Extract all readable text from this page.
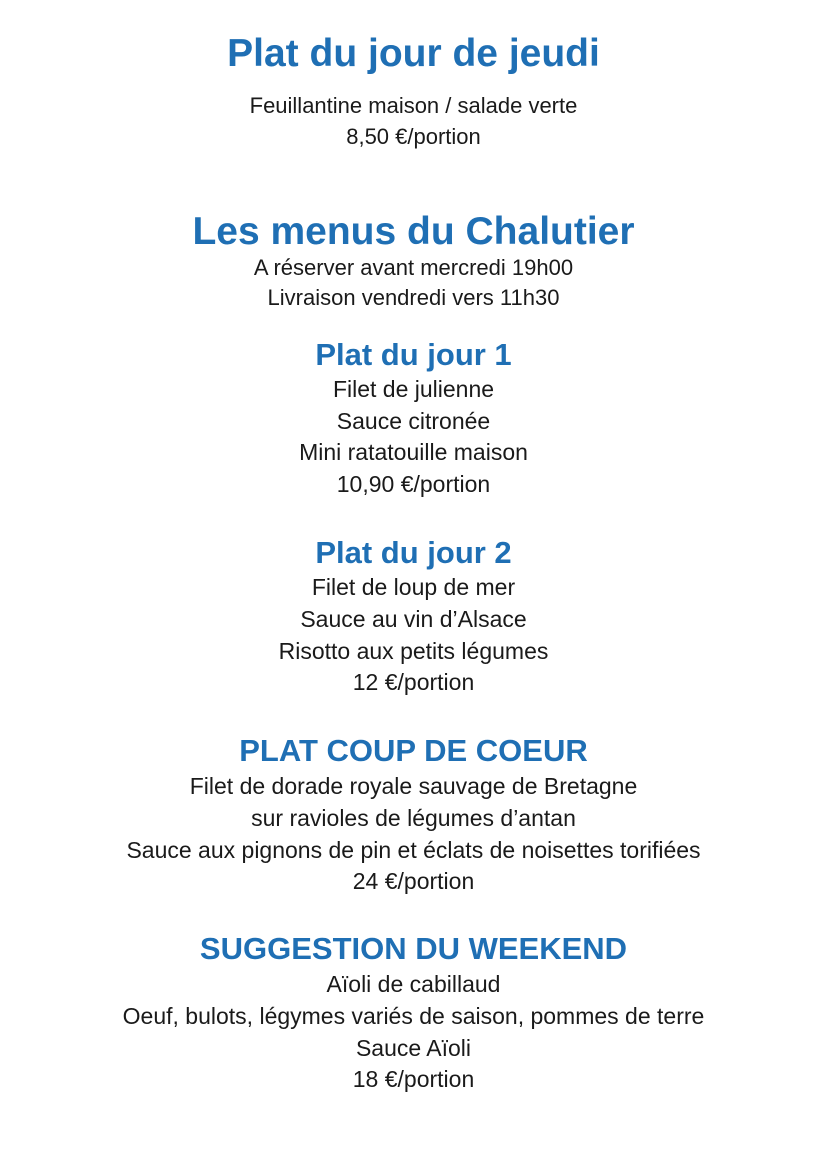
Plat du jour de jeudi

Feuillantine maison / salade verte

8,50 €/portion

Les menus du Chalutier

A réserver avant mercredi 19h00

Livraison vendredi vers 11h30

Plat du jour 1

Filet de julienne

Sauce citronée

Mini ratatouille maison

10,90 €/portion

Plat du jour 2

Filet de loup de mer

Sauce au vin d’Alsace

Risotto aux petits légumes

12 €/portion

PLAT COUP DE COEUR

Filet de dorade royale sauvage de Bretagne

sur ravioles de légumes d’antan

Sauce aux pignons de pin et éclats de noisettes torifiées

24 €/portion

SUGGESTION DU WEEKEND

Aïoli de cabillaud

Oeuf, bulots, légymes variés de saison, pommes de terre

Sauce Aïoli

18 €/portion
